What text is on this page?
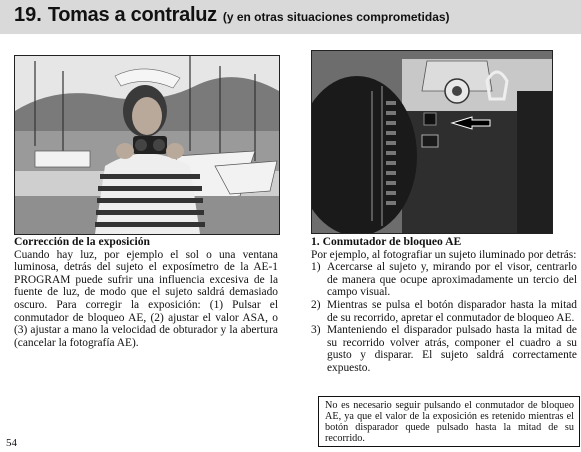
19. Tomas a contraluz (y en otras situaciones comprometidas)
Corrección de la exposición
Cuando hay luz, por ejemplo el sol o una ventana luminosa, detrás del sujeto el exposímetro de la AE-1 PROGRAM puede sufrir una influencia excesiva de la fuente de luz, de modo que el sujeto saldrá demasiado oscuro. Para corregir la exposición: (1) Pulsar el conmutador de bloqueo AE, (2) ajustar el valor ASA, o (3) ajustar a mano la velocidad de obturador y la abertura (cancelar la fotografía AE).
1. Conmutador de bloqueo AE
Por ejemplo, al fotografiar un sujeto iluminado por detrás:
1) Acercarse al sujeto y, mirando por el visor, centrarlo de manera que ocupe aproximadamente un tercio del campo visual.
2) Mientras se pulsa el botón disparador hasta la mitad de su recorrido, apretar el conmutador de bloqueo AE.
3) Manteniendo el disparador pulsado hasta la mitad de su recorrido volver atrás, componer el cuadro a su gusto y disparar. El sujeto saldrá correctamente expuesto.
No es necesario seguir pulsando el conmutador de bloqueo AE, ya que el valor de la exposición es retenido mientras el botón disparador quede pulsado hasta la mitad de su recorrido.
54
